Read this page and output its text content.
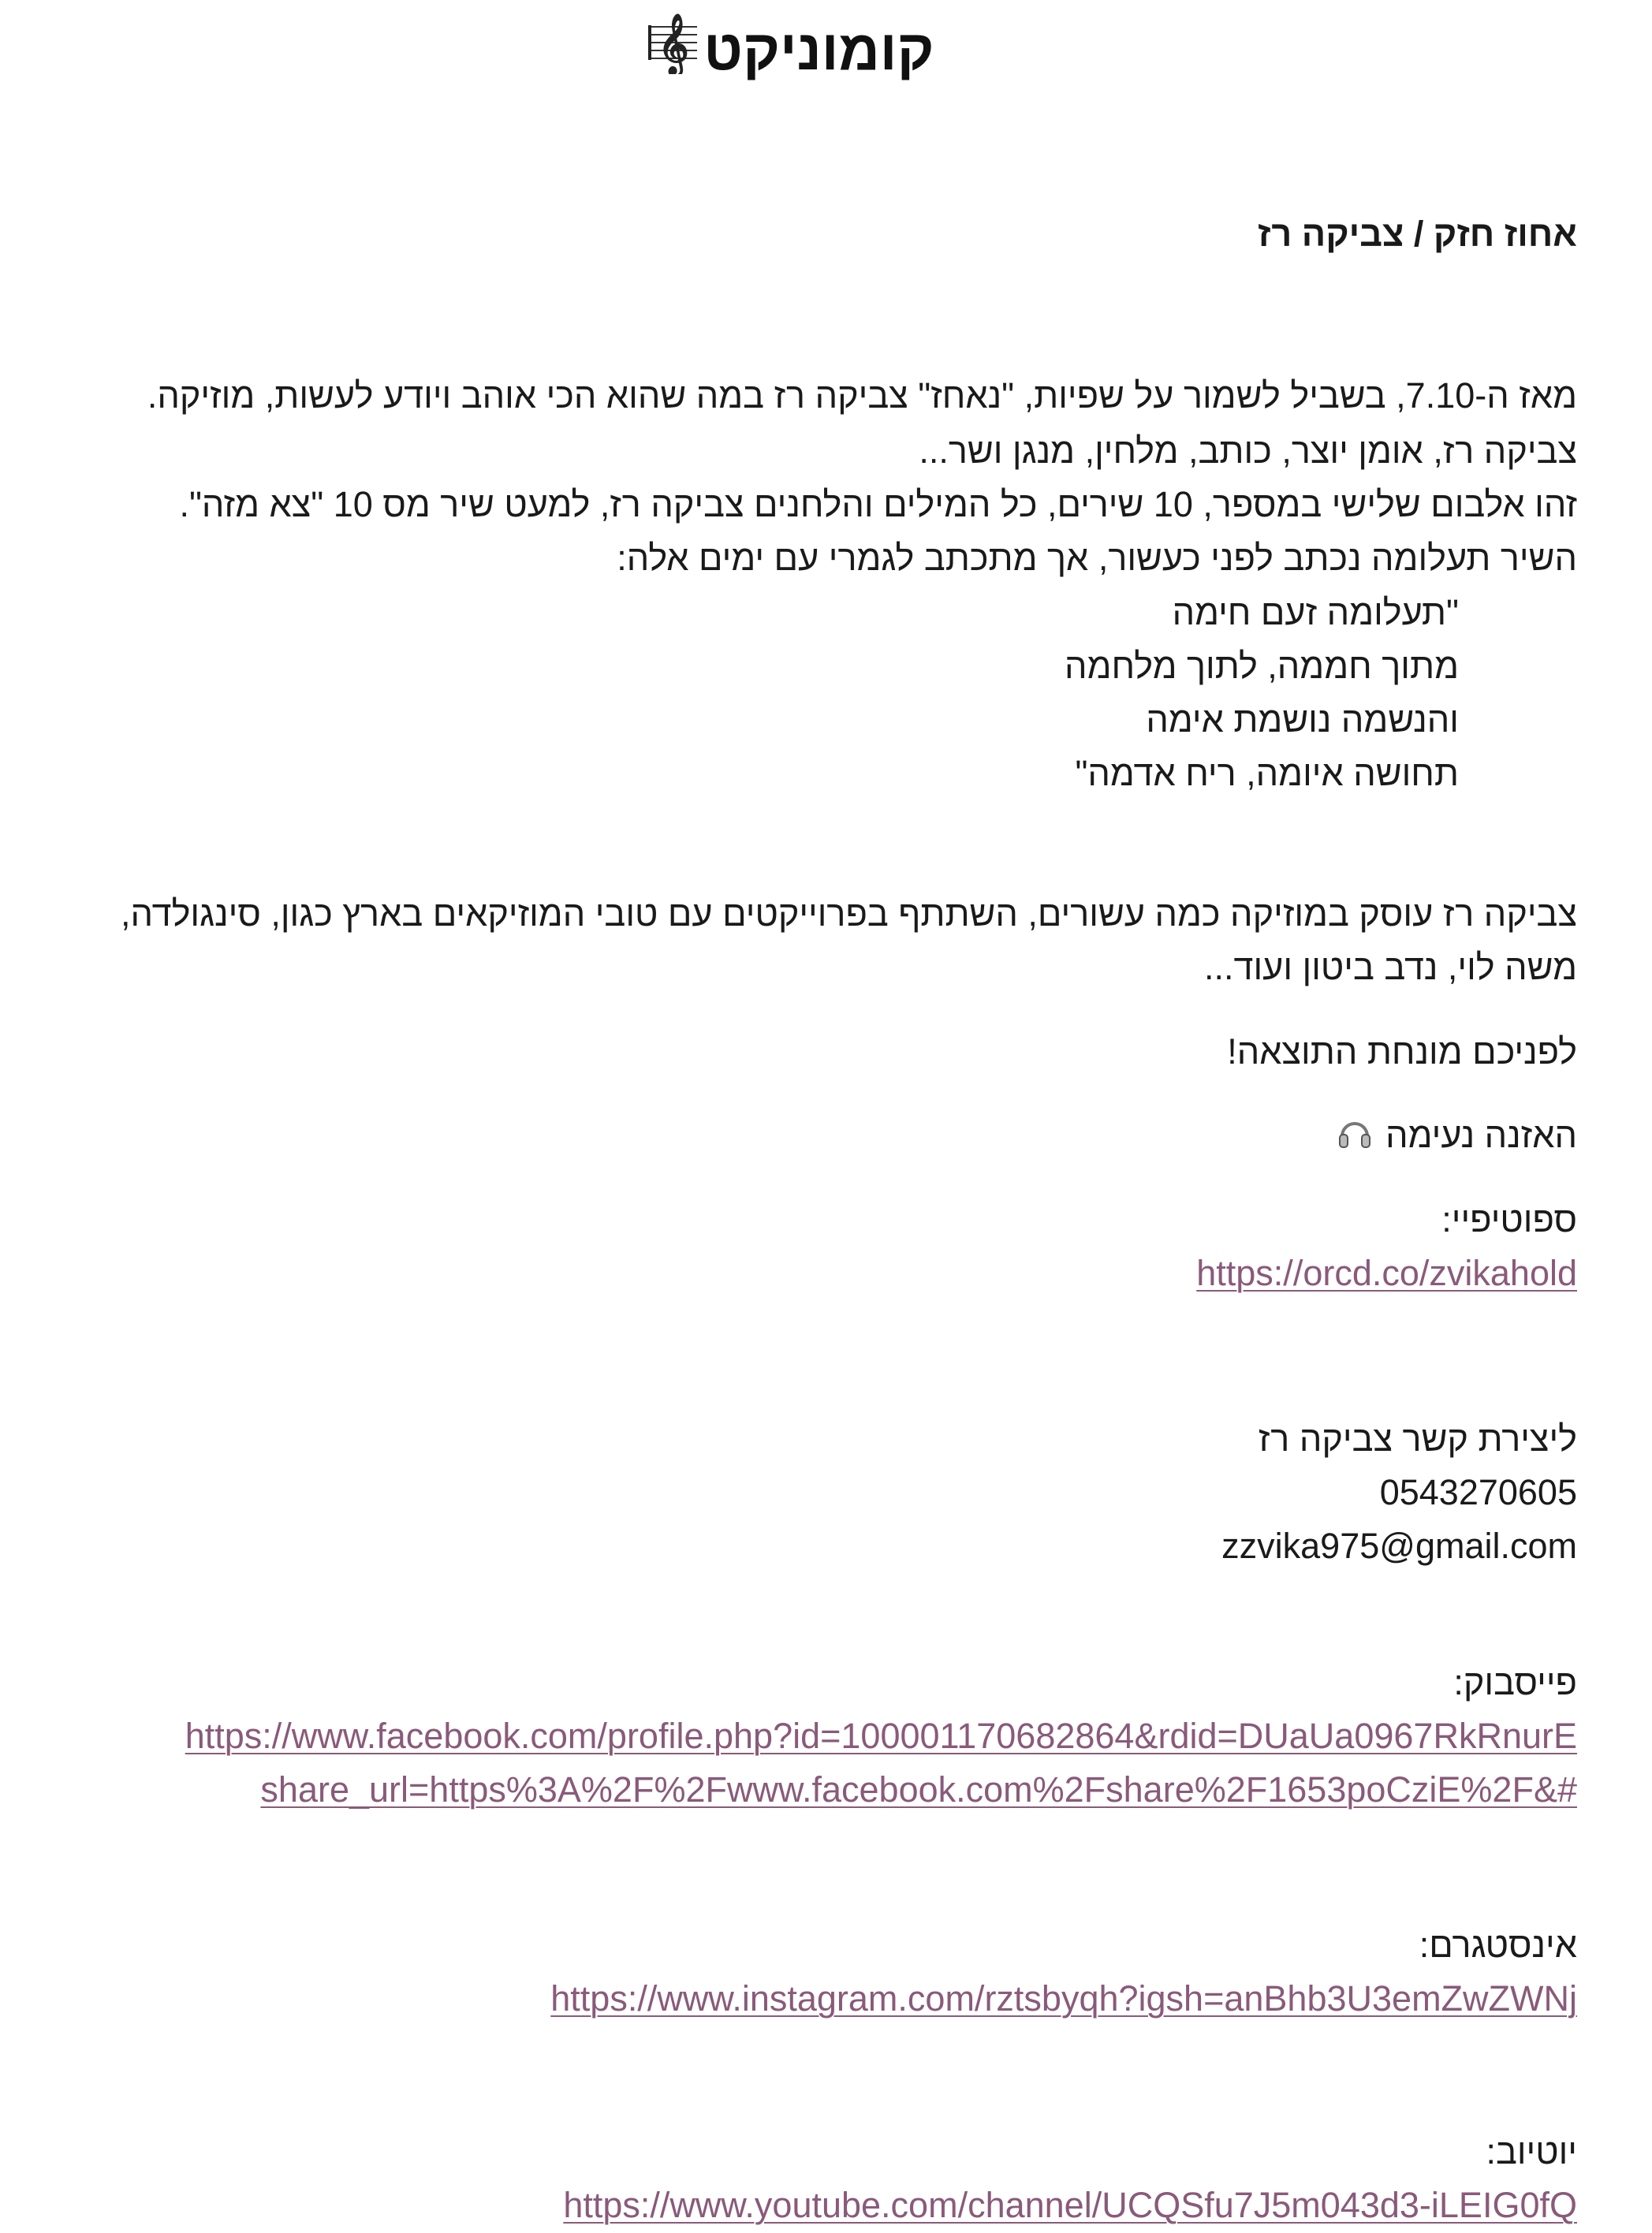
קומוניקט
𝄞
אחוז חזק / צביקה רז
מאז ה-7.10, בשביל לשמור על שפיות, "נאחז" צביקה רז במה שהוא הכי אוהב ויודע לעשות, מוזיקה.
צביקה רז, אומן יוצר, כותב, מלחין, מנגן ושר...
זהו אלבום שלישי במספר, 10 שירים, כל המילים והלחנים צביקה רז, למעט שיר מס 10 "צא מזה".
השיר תעלומה נכתב לפני כעשור, אך מתכתב לגמרי עם ימים אלה:
"תעלומה זעם חימה
מתוך חממה, לתוך מלחמה
והנשמה נושמת אימה
תחושה איומה, ריח אדמה"
צביקה רז עוסק במוזיקה כמה עשורים, השתתף בפרוייקטים עם טובי המוזיקאים בארץ כגון, סינגולדה,
משה לוי, נדב ביטון ועוד...
לפניכם מונחת התוצאה!
האזנה נעימה
ספוטיפיי:
https://orcd.co/zvikahold
ליצירת קשר צביקה רז
0543270605
zzvika975@gmail.com
פייסבוק:
https://www.facebook.com/profile.php?id=100001170682864&rdid=DUaUa0967RkRnurE
#&share_url=https%3A%2F%2Fwww.facebook.com%2Fshare%2F1653poCziE%2F
אינסטגרם:
https://www.instagram.com/rztsbyqh?igsh=anBhb3U3emZwZWNj
יוטיוב:
https://www.youtube.com/channel/UCQSfu7J5m043d3-iLEIG0fQ
